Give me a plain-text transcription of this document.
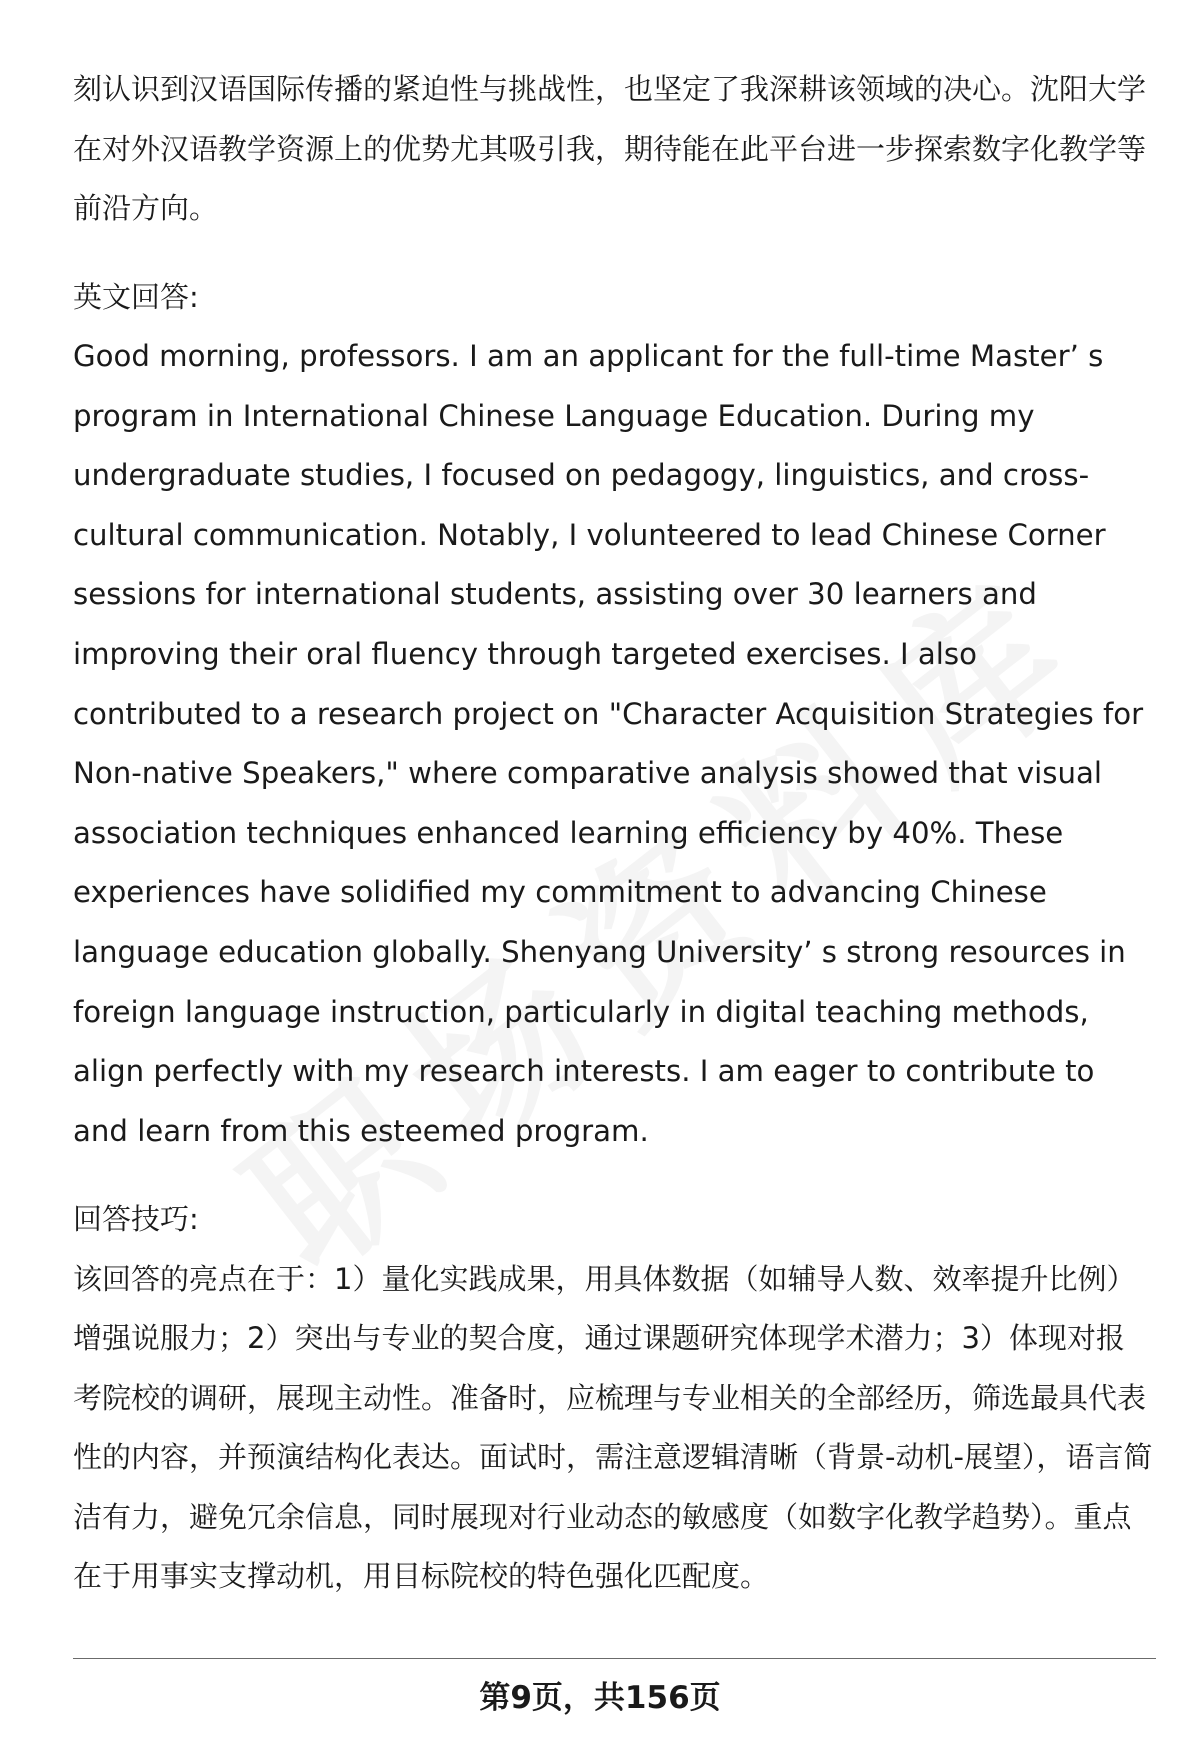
刻认识到汉语国际传播的紧迫性与挑战性，也坚定了我深耕该领域的决心。沈阳大学在对外汉语教学资源上的优势尤其吸引我，期待能在此平台进一步探索数字化教学等前沿方向。

英文回答:

Good morning, professors. I am an applicant for the full-time Master’ s program in International Chinese Language Education. During my undergraduate studies, I focused on pedagogy, linguistics, and cross-cultural communication. Notably, I volunteered to lead Chinese Corner sessions for international students, assisting over 30 learners and improving their oral fluency through targeted exercises. I also contributed to a research project on "Character Acquisition Strategies for Non-native Speakers," where comparative analysis showed that visual association techniques enhanced learning efficiency by 40%. These experiences have solidified my commitment to advancing Chinese language education globally. Shenyang University’ s strong resources in foreign language instruction, particularly in digital teaching methods, align perfectly with my research interests. I am eager to contribute to and learn from this esteemed program.

回答技巧:

该回答的亮点在于：1）量化实践成果，用具体数据（如辅导人数、效率提升比例）增强说服力；2）突出与专业的契合度，通过课题研究体现学术潜力；3）体现对报考院校的调研，展现主动性。准备时，应梳理与专业相关的全部经历，筛选最具代表性的内容，并预演结构化表达。面试时，需注意逻辑清晰（背景-动机-展望），语言简洁有力，避免冗余信息，同时展现对行业动态的敏感度（如数字化教学趋势）。重点在于用事实支撑动机，用目标院校的特色强化匹配度。

第9页，共156页
